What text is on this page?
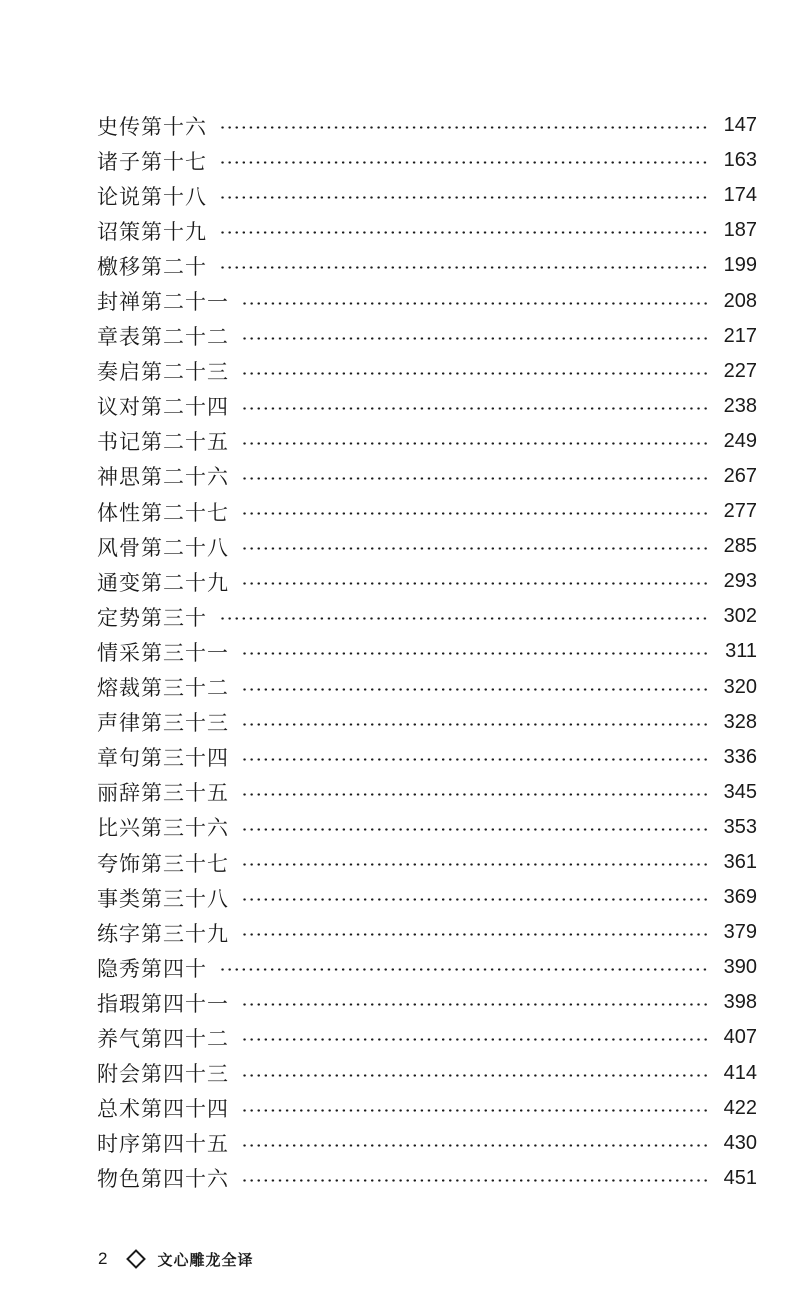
史传第十六	147
诸子第十七	163
论说第十八	174
诏策第十九	187
檄移第二十	199
封禅第二十一	208
章表第二十二	217
奏启第二十三	227
议对第二十四	238
书记第二十五	249
神思第二十六	267
体性第二十七	277
风骨第二十八	285
通变第二十九	293
定势第三十	302
情采第三十一	311
熔裁第三十二	320
声律第三十三	328
章句第三十四	336
丽辞第三十五	345
比兴第三十六	353
夸饰第三十七	361
事类第三十八	369
练字第三十九	379
隐秀第四十	390
指瑕第四十一	398
养气第四十二	407
附会第四十三	414
总术第四十四	422
时序第四十五	430
物色第四十六	451
2	文心雕龙全译
